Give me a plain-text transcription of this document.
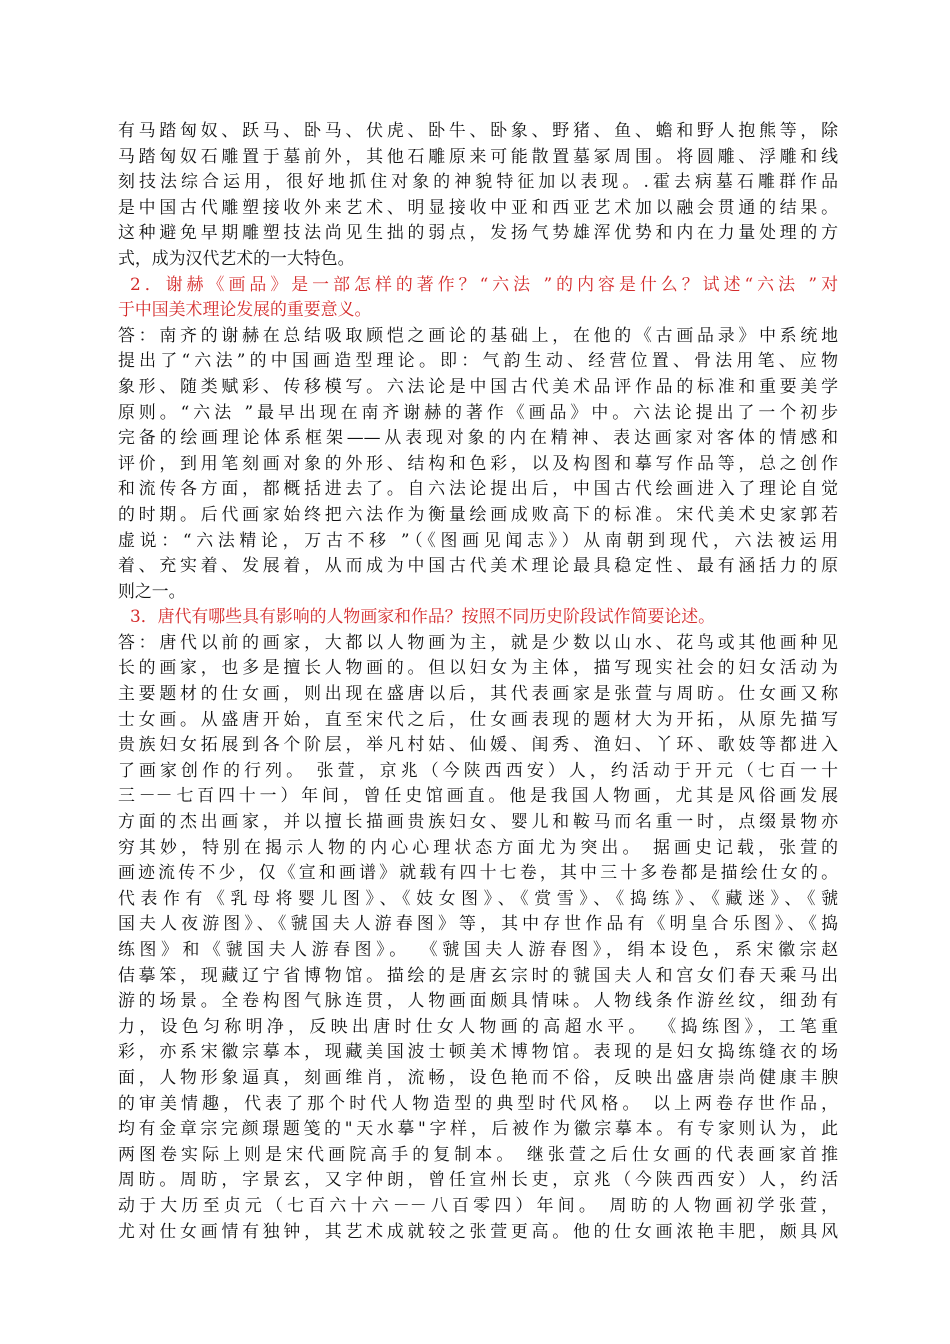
有马踏匈奴、跃马、卧马、伏虎、卧牛、卧象、野猪、鱼、蟾和野人抱熊等，除
马踏匈奴石雕置于墓前外，其他石雕原来可能散置墓冢周围。将圆雕、浮雕和线
刻技法综合运用，很好地抓住对象的神貌特征加以表现。.霍去病墓石雕群作品
是中国古代雕塑接收外来艺术、明显接收中亚和西亚艺术加以融会贯通的结果。
这种避免早期雕塑技法尚见生拙的弱点，发扬气势雄浑优势和内在力量处理的方
式，成为汉代艺术的一大特色。

2．谢赫《画品》是一部怎样的著作？“六法 ”的内容是什么？试述“六法 ”对
于中国美术理论发展的重要意义。

答：南齐的谢赫在总结吸取顾恺之画论的基础上，在他的《古画品录》中系统地
提出了“六法”的中国画造型理论。即：气韵生动、经营位置、骨法用笔、应物
象形、随类赋彩、传移模写。六法论是中国古代美术品评作品的标准和重要美学
原则。“六法 ”最早出现在南齐谢赫的著作《画品》中。六法论提出了一个初步
完备的绘画理论体系框架——从表现对象的内在精神、表达画家对客体的情感和
评价，到用笔刻画对象的外形、结构和色彩，以及构图和摹写作品等，总之创作
和流传各方面，都概括进去了。自六法论提出后，中国古代绘画进入了理论自觉
的时期。后代画家始终把六法作为衡量绘画成败高下的标准。宋代美术史家郭若
虚说：“六法精论，万古不移 ”（《图画见闻志》）从南朝到现代，六法被运用
着、充实着、发展着，从而成为中国古代美术理论最具稳定性、最有涵括力的原
则之一。

3．唐代有哪些具有影响的人物画家和作品？按照不同历史阶段试作简要论述。

答：唐代以前的画家，大都以人物画为主，就是少数以山水、花鸟或其他画种见
长的画家，也多是擅长人物画的。但以妇女为主体，描写现实社会的妇女活动为
主要题材的仕女画，则出现在盛唐以后，其代表画家是张萱与周昉。仕女画又称
士女画。从盛唐开始，直至宋代之后，仕女画表现的题材大为开拓，从原先描写
贵族妇女拓展到各个阶层，举凡村姑、仙媛、闺秀、渔妇、丫环、歌妓等都进入
了画家创作的行列。 张萱，京兆（今陕西西安）人，约活动于开元（七百一十
三－－七百四十一）年间，曾任史馆画直。他是我国人物画，尤其是风俗画发展
方面的杰出画家，并以擅长描画贵族妇女、婴儿和鞍马而名重一时，点缀景物亦
穷其妙，特别在揭示人物的内心心理状态方面尤为突出。 据画史记载，张萱的
画迹流传不少，仅《宣和画谱》就载有四十七卷，其中三十多卷都是描绘仕女的。
代表作有《乳母将婴儿图》、《妓女图》、《赏雪》、《捣练》、《藏迷》、《虢
国夫人夜游图》、《虢国夫人游春图》等，其中存世作品有《明皇合乐图》、《捣
练图》和《虢国夫人游春图》。 《虢国夫人游春图》，绢本设色，系宋徽宗赵
佶摹笨，现藏辽宁省博物馆。描绘的是唐玄宗时的虢国夫人和宫女们春天乘马出
游的场景。全卷构图气脉连贯，人物画面颇具情味。人物线条作游丝纹，细劲有
力，设色匀称明净，反映出唐时仕女人物画的高超水平。 《捣练图》，工笔重
彩，亦系宋徽宗摹本，现藏美国波士顿美术博物馆。表现的是妇女捣练缝衣的场
面，人物形象逼真，刻画维肖，流畅，设色艳而不俗，反映出盛唐崇尚健康丰腴
的审美情趣，代表了那个时代人物造型的典型时代风格。 以上两卷存世作品，
均有金章宗完颜璟题笺的"天水摹"字样，后被作为徽宗摹本。有专家则认为，此
两图卷实际上则是宋代画院高手的复制本。 继张萱之后仕女画的代表画家首推
周昉。周昉，字景玄，又字仲朗，曾任宣州长吏，京兆（今陕西西安）人，约活
动于大历至贞元（七百六十六－－八百零四）年间。 周昉的人物画初学张萱，
尤对仕女画情有独钟，其艺术成就较之张萱更高。他的仕女画浓艳丰肥，颇具风
